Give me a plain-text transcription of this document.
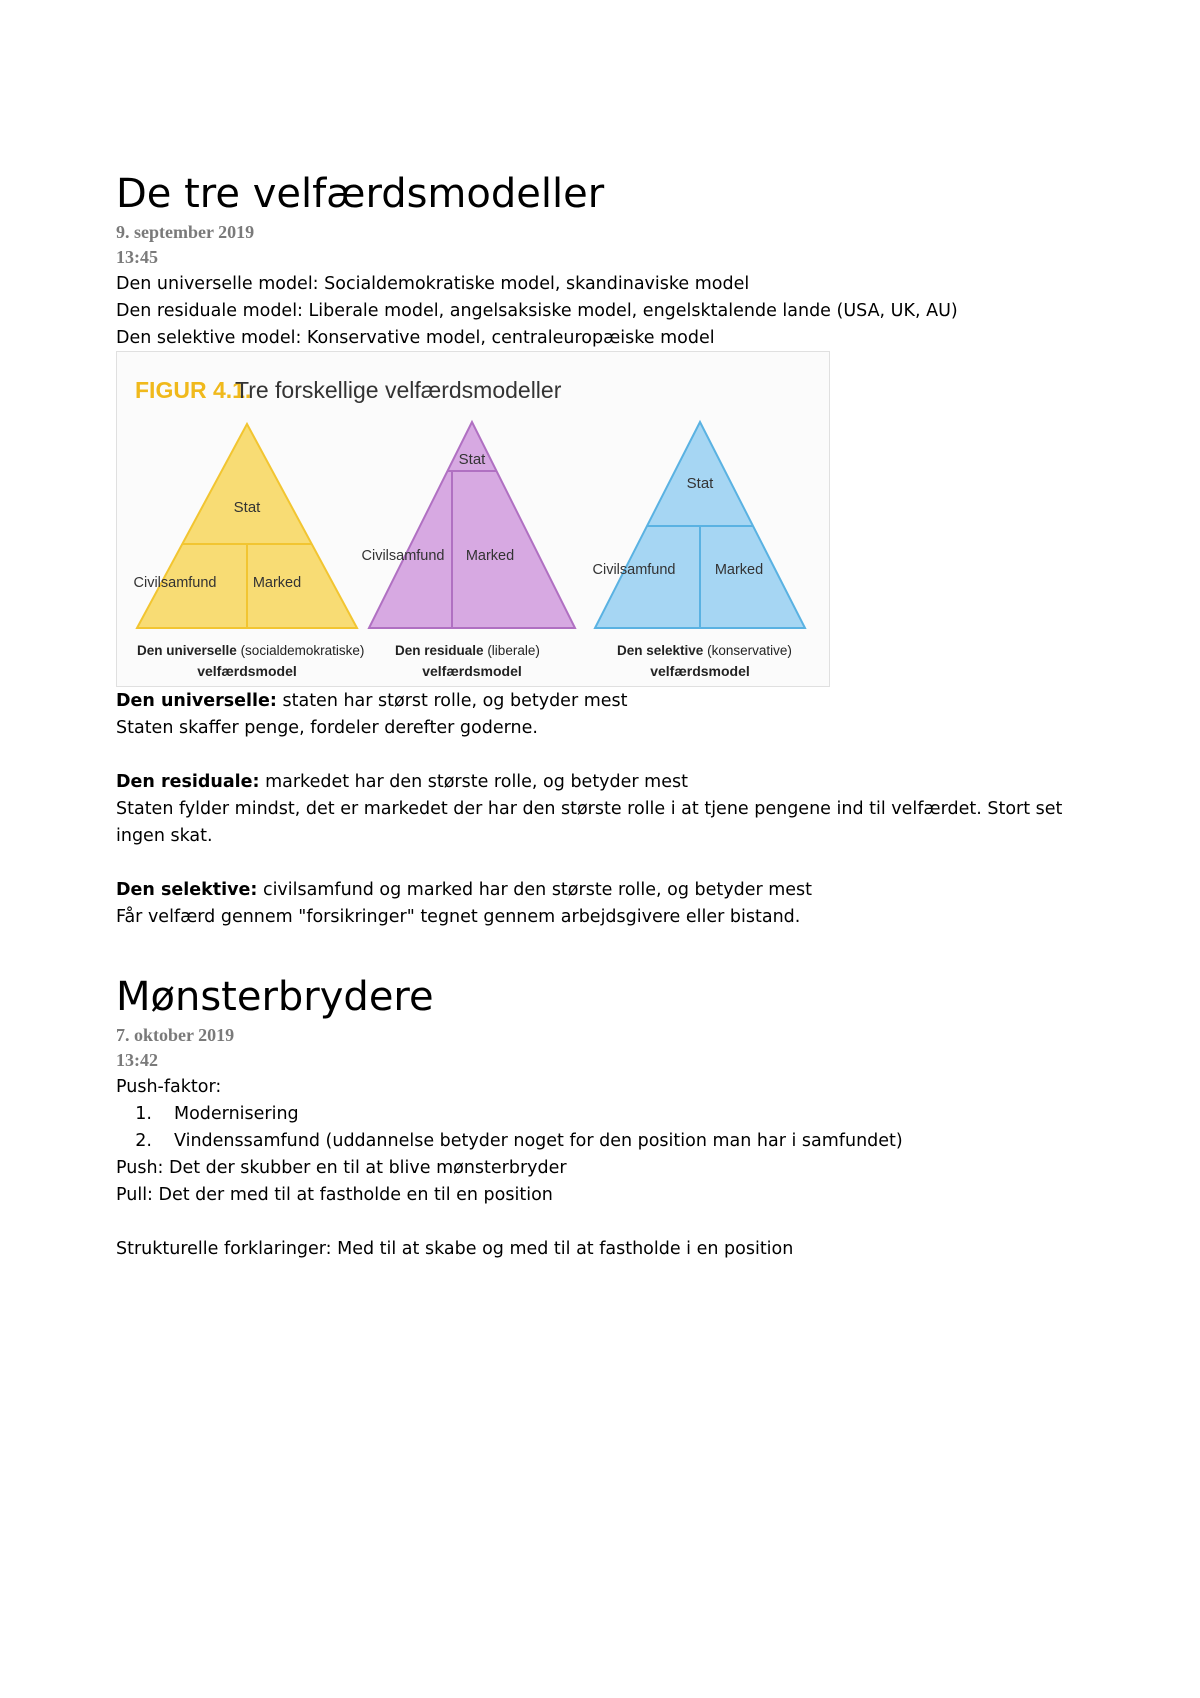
De tre velfærdsmodeller
9. september 2019
13:45
Den universelle model: Socialdemokratiske model, skandinaviske model
Den residuale model: Liberale model, angelsaksiske model, engelsktalende lande (USA, UK, AU)
Den selektive model: Konservative model, centraleuropæiske model
FIGUR 4.1.
Tre forskellige velfærdsmodeller
Stat
Civilsamfund	Marked
Den universelle (socialdemokratiske)
velfærdsmodel
Stat
Civilsamfund Marked
Den residuale (liberale)
velfærdsmodel
Stat
Civilsamfund	Marked
Den selektive (konservative)
velfærdsmodel
Den universelle: staten har størst rolle, og betyder mest
Staten skaffer penge, fordeler derefter goderne.
Den residuale: markedet har den største rolle, og betyder mest
Staten fylder mindst, det er markedet der har den største rolle i at tjene pengene ind til velfærdet. Stort set ingen skat.
Den selektive: civilsamfund og marked har den største rolle, og betyder mest
Får velfærd gennem "forsikringer" tegnet gennem arbejdsgivere eller bistand.
Mønsterbrydere
7. oktober 2019
13:42
Push-faktor:
1. Modernisering
2. Vindenssamfund (uddannelse betyder noget for den position man har i samfundet)
Push: Det der skubber en til at blive mønsterbryder
Pull: Det der med til at fastholde en til en position
Strukturelle forklaringer: Med til at skabe og med til at fastholde i en position
